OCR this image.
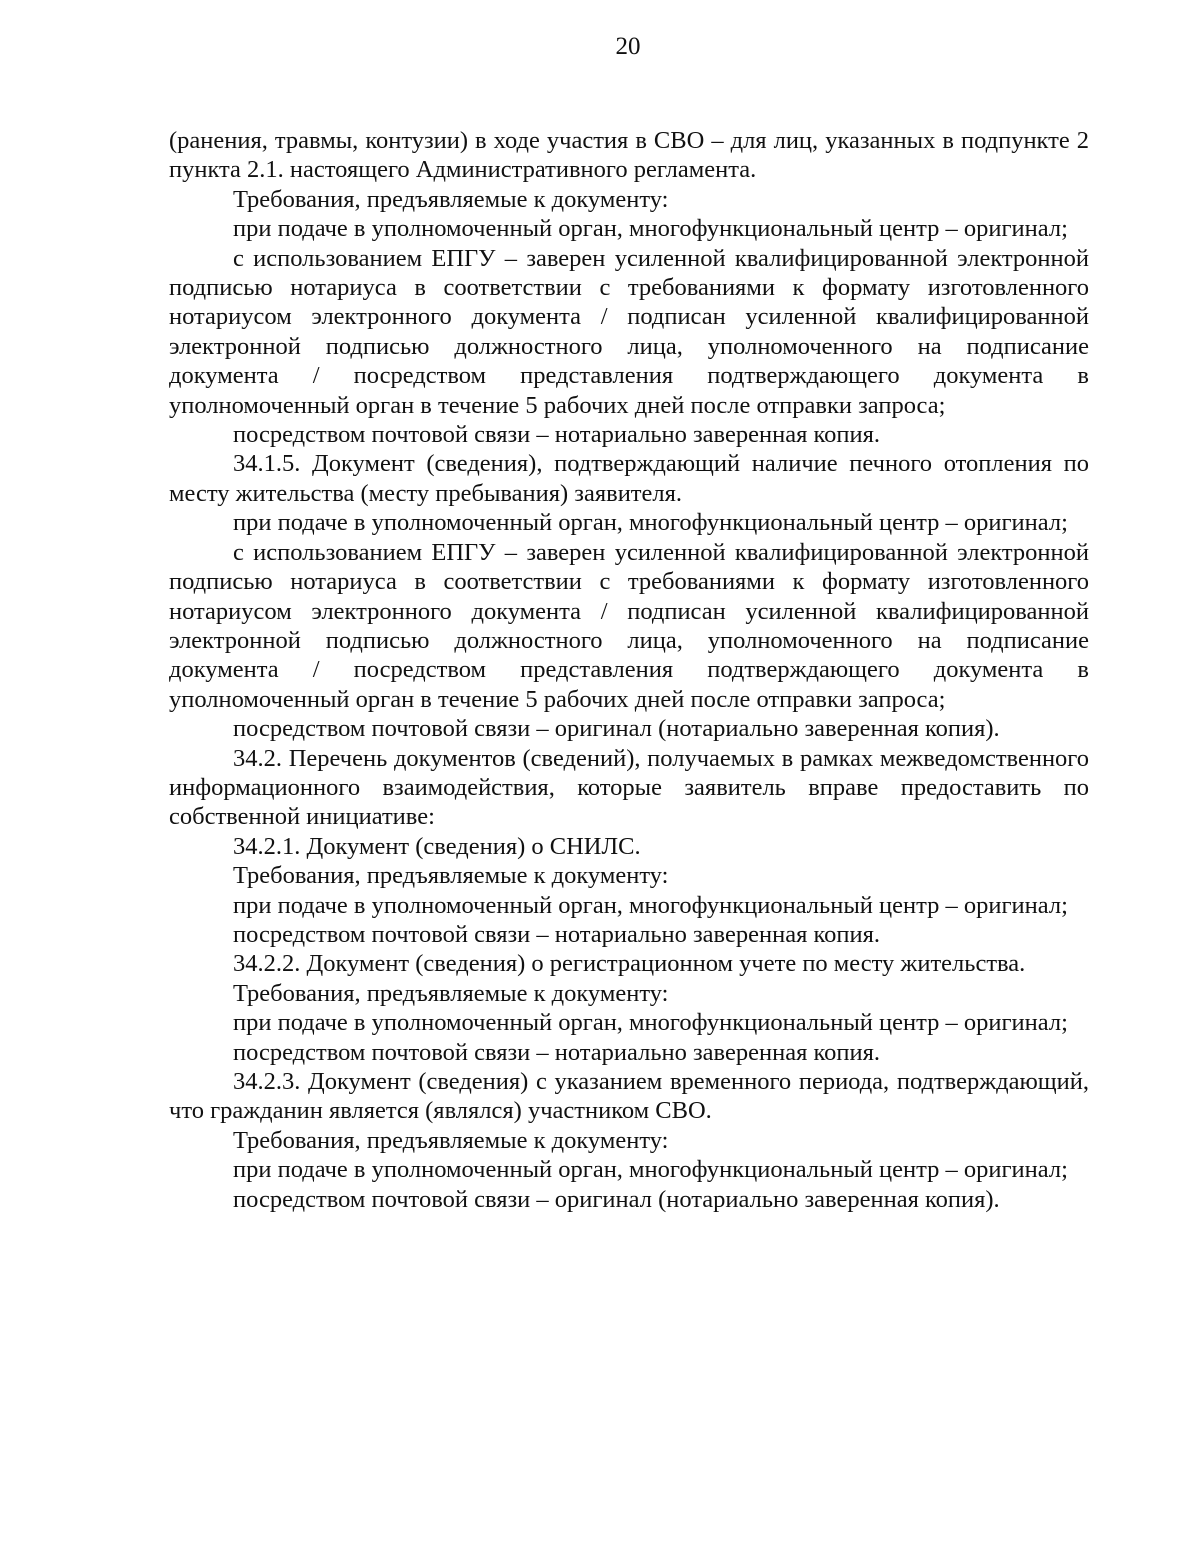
20

(ранения, травмы, контузии) в ходе участия в СВО – для лиц, указанных в подпункте 2 пункта 2.1. настоящего Административного регламента.

Требования, предъявляемые к документу:

при подаче в уполномоченный орган, многофункциональный центр – оригинал;

с использованием ЕПГУ – заверен усиленной квалифицированной электронной подписью нотариуса в соответствии с требованиями к формату изготовленного нотариусом электронного документа / подписан усиленной квалифицированной электронной подписью должностного лица, уполномоченного на подписание документа / посредством представления подтверждающего документа в уполномоченный орган в течение 5 рабочих дней после отправки запроса;

посредством почтовой связи – нотариально заверенная копия.

34.1.5. Документ (сведения), подтверждающий наличие печного отопления по месту жительства (месту пребывания) заявителя.

при подаче в уполномоченный орган, многофункциональный центр – оригинал;

с использованием ЕПГУ – заверен усиленной квалифицированной электронной подписью нотариуса в соответствии с требованиями к формату изготовленного нотариусом электронного документа / подписан усиленной квалифицированной электронной подписью должностного лица, уполномоченного на подписание документа / посредством представления подтверждающего документа в уполномоченный орган в течение 5 рабочих дней после отправки запроса;

посредством почтовой связи – оригинал (нотариально заверенная копия).

34.2. Перечень документов (сведений), получаемых в рамках межведомственного информационного взаимодействия, которые заявитель вправе предоставить по собственной инициативе:

34.2.1. Документ (сведения) о СНИЛС.

Требования, предъявляемые к документу:

при подаче в уполномоченный орган, многофункциональный центр – оригинал;

посредством почтовой связи – нотариально заверенная копия.

34.2.2. Документ (сведения) о регистрационном учете по месту жительства.

Требования, предъявляемые к документу:

при подаче в уполномоченный орган, многофункциональный центр – оригинал;

посредством почтовой связи – нотариально заверенная копия.

34.2.3. Документ (сведения) с указанием временного периода, подтверждающий, что гражданин является (являлся) участником СВО.

Требования, предъявляемые к документу:

при подаче в уполномоченный орган, многофункциональный центр – оригинал;

посредством почтовой связи – оригинал (нотариально заверенная копия).
